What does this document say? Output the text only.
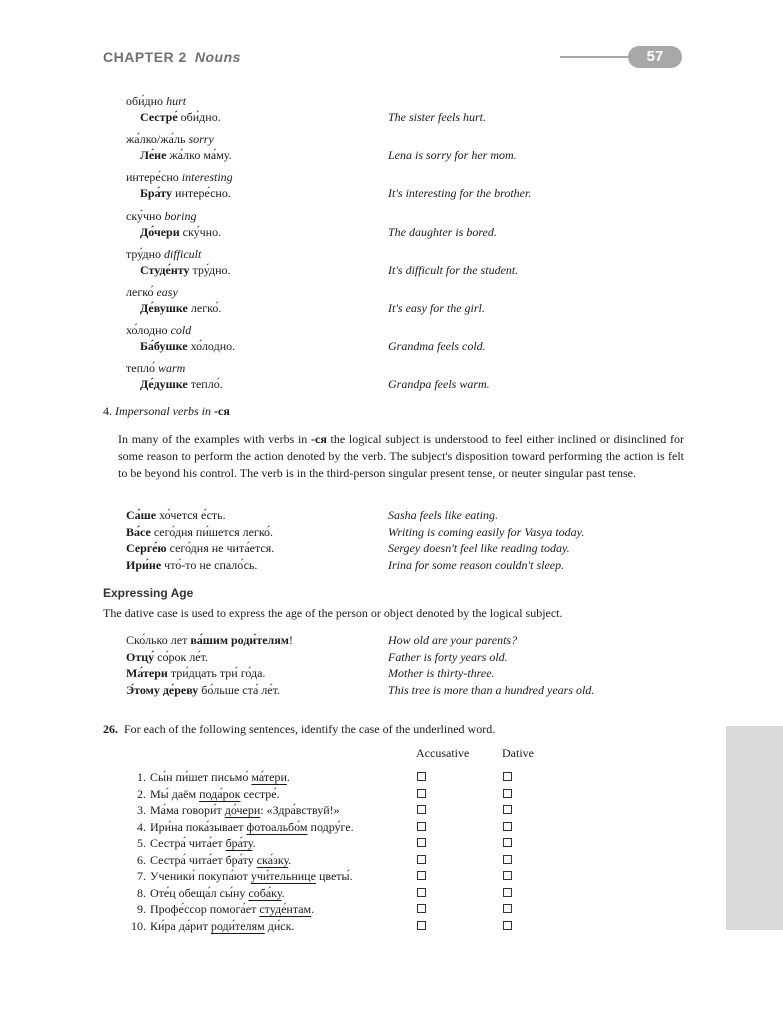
CHAPTER 2 Nouns	57
оби́дно hurt
Сестре́ оби́дно.	The sister feels hurt.
жа́лко/жа́ль sorry
Ле́не жа́лко ма́му.	Lena is sorry for her mom.
интере́сно interesting
Бра́ту интере́сно.	It's interesting for the brother.
ску́чно boring
До́чери ску́чно.	The daughter is bored.
тру́дно difficult
Студе́нту тру́дно.	It's difficult for the student.
легко́ easy
Де́вушке легко́.	It's easy for the girl.
хо́лодно cold
Ба́бушке хо́лодно.	Grandma feels cold.
тепло́ warm
Де́душке тепло́.	Grandpa feels warm.
4. Impersonal verbs in -ся
In many of the examples with verbs in -ся the logical subject is understood to feel either inclined or disinclined for some reason to perform the action denoted by the verb. The subject's disposition toward performing the action is felt to be beyond his control. The verb is in the third-person singular present tense, or neuter singular past tense.
Са́ше хо́чется е́сть.	Sasha feels like eating.
Ва́се сего́дня пи́шется легко́.	Writing is coming easily for Vasya today.
Серге́ю сего́дня не чита́ется.	Sergey doesn't feel like reading today.
Ири́не что́-то не спало́сь.	Irina for some reason couldn't sleep.
Expressing Age
The dative case is used to express the age of the person or object denoted by the logical subject.
Ско́лько лет ва́шим роди́телям!	How old are your parents?
Отцу́ со́рок ле́т.	Father is forty years old.
Ма́тери три́дцать три́ го́да.	Mother is thirty-three.
Э́тому де́реву бо́льше ста́ ле́т.	This tree is more than a hundred years old.
26. For each of the following sentences, identify the case of the underlined word.
Accusative	Dative
1. Сы́н пи́шет письмо́ ма́тери.
2. Мы́ даём пода́рок сестре́.
3. Ма́ма говори́т до́чери: «Здра́вствуй!»
4. Ири́на пока́зывает фотоальбо́м подру́ге.
5. Сестра́ чита́ет бра́ту.
6. Сестра́ чита́ет бра́ту ска́зку.
7. Ученики́ покупа́ют учи́тельнице цветы́.
8. Оте́ц обеща́л сы́ну соба́ку.
9. Профе́ссор помога́ет студе́нтам.
10. Ки́ра да́рит роди́телям ди́ск.
